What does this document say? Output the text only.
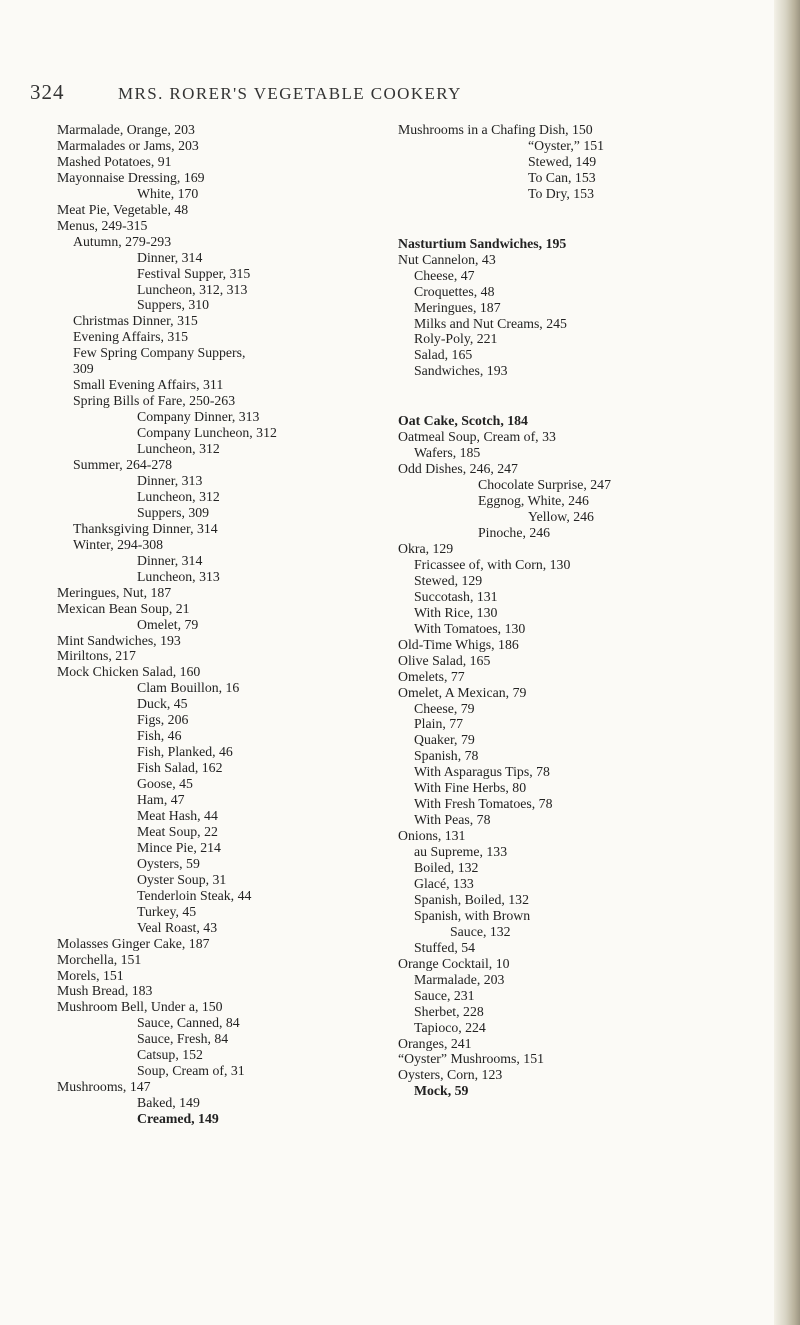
324	MRS. RORER'S VEGETABLE COOKERY
Marmalade, Orange, 203
Marmalades or Jams, 203
Mashed Potatoes, 91
Mayonnaise Dressing, 169
White, 170
Meat Pie, Vegetable, 48
Menus, 249-315
Autumn, 279-293
Dinner, 314
Festival Supper, 315
Luncheon, 312, 313
Suppers, 310
Christmas Dinner, 315
Evening Affairs, 315
Few Spring Company Suppers,
309
Small Evening Affairs, 311
Spring Bills of Fare, 250-263
Company Dinner, 313
Company Luncheon, 312
Luncheon, 312
Summer, 264-278
Dinner, 313
Luncheon, 312
Suppers, 309
Thanksgiving Dinner, 314
Winter, 294-308
Dinner, 314
Luncheon, 313
Meringues, Nut, 187
Mexican Bean Soup, 21
Omelet, 79
Mint Sandwiches, 193
Miriltons, 217
Mock Chicken Salad, 160
Clam Bouillon, 16
Duck, 45
Figs, 206
Fish, 46
Fish, Planked, 46
Fish Salad, 162
Goose, 45
Ham, 47
Meat Hash, 44
Meat Soup, 22
Mince Pie, 214
Oysters, 59
Oyster Soup, 31
Tenderloin Steak, 44
Turkey, 45
Veal Roast, 43
Molasses Ginger Cake, 187
Morchella, 151
Morels, 151
Mush Bread, 183
Mushroom Bell, Under a, 150
Sauce, Canned, 84
Sauce, Fresh, 84
Catsup, 152
Soup, Cream of, 31
Mushrooms, 147
Baked, 149
Creamed, 149
Mushrooms in a Chafing Dish, 150
“Oyster,” 151
Stewed, 149
To Can, 153
To Dry, 153
Nasturtium Sandwiches, 195
Nut Cannelon, 43
Cheese, 47
Croquettes, 48
Meringues, 187
Milks and Nut Creams, 245
Roly-Poly, 221
Salad, 165
Sandwiches, 193
Oat Cake, Scotch, 184
Oatmeal Soup, Cream of, 33
Wafers, 185
Odd Dishes, 246, 247
Chocolate Surprise, 247
Eggnog, White, 246
Yellow, 246
Pinoche, 246
Okra, 129
Fricassee of, with Corn, 130
Stewed, 129
Succotash, 131
With Rice, 130
With Tomatoes, 130
Old-Time Whigs, 186
Olive Salad, 165
Omelets, 77
Omelet, A Mexican, 79
Cheese, 79
Plain, 77
Quaker, 79
Spanish, 78
With Asparagus Tips, 78
With Fine Herbs, 80
With Fresh Tomatoes, 78
With Peas, 78
Onions, 131
au Supreme, 133
Boiled, 132
Glacé, 133
Spanish, Boiled, 132
Spanish, with Brown
Sauce, 132
Stuffed, 54
Orange Cocktail, 10
Marmalade, 203
Sauce, 231
Sherbet, 228
Tapioco, 224
Oranges, 241
“Oyster” Mushrooms, 151
Oysters, Corn, 123
Mock, 59
